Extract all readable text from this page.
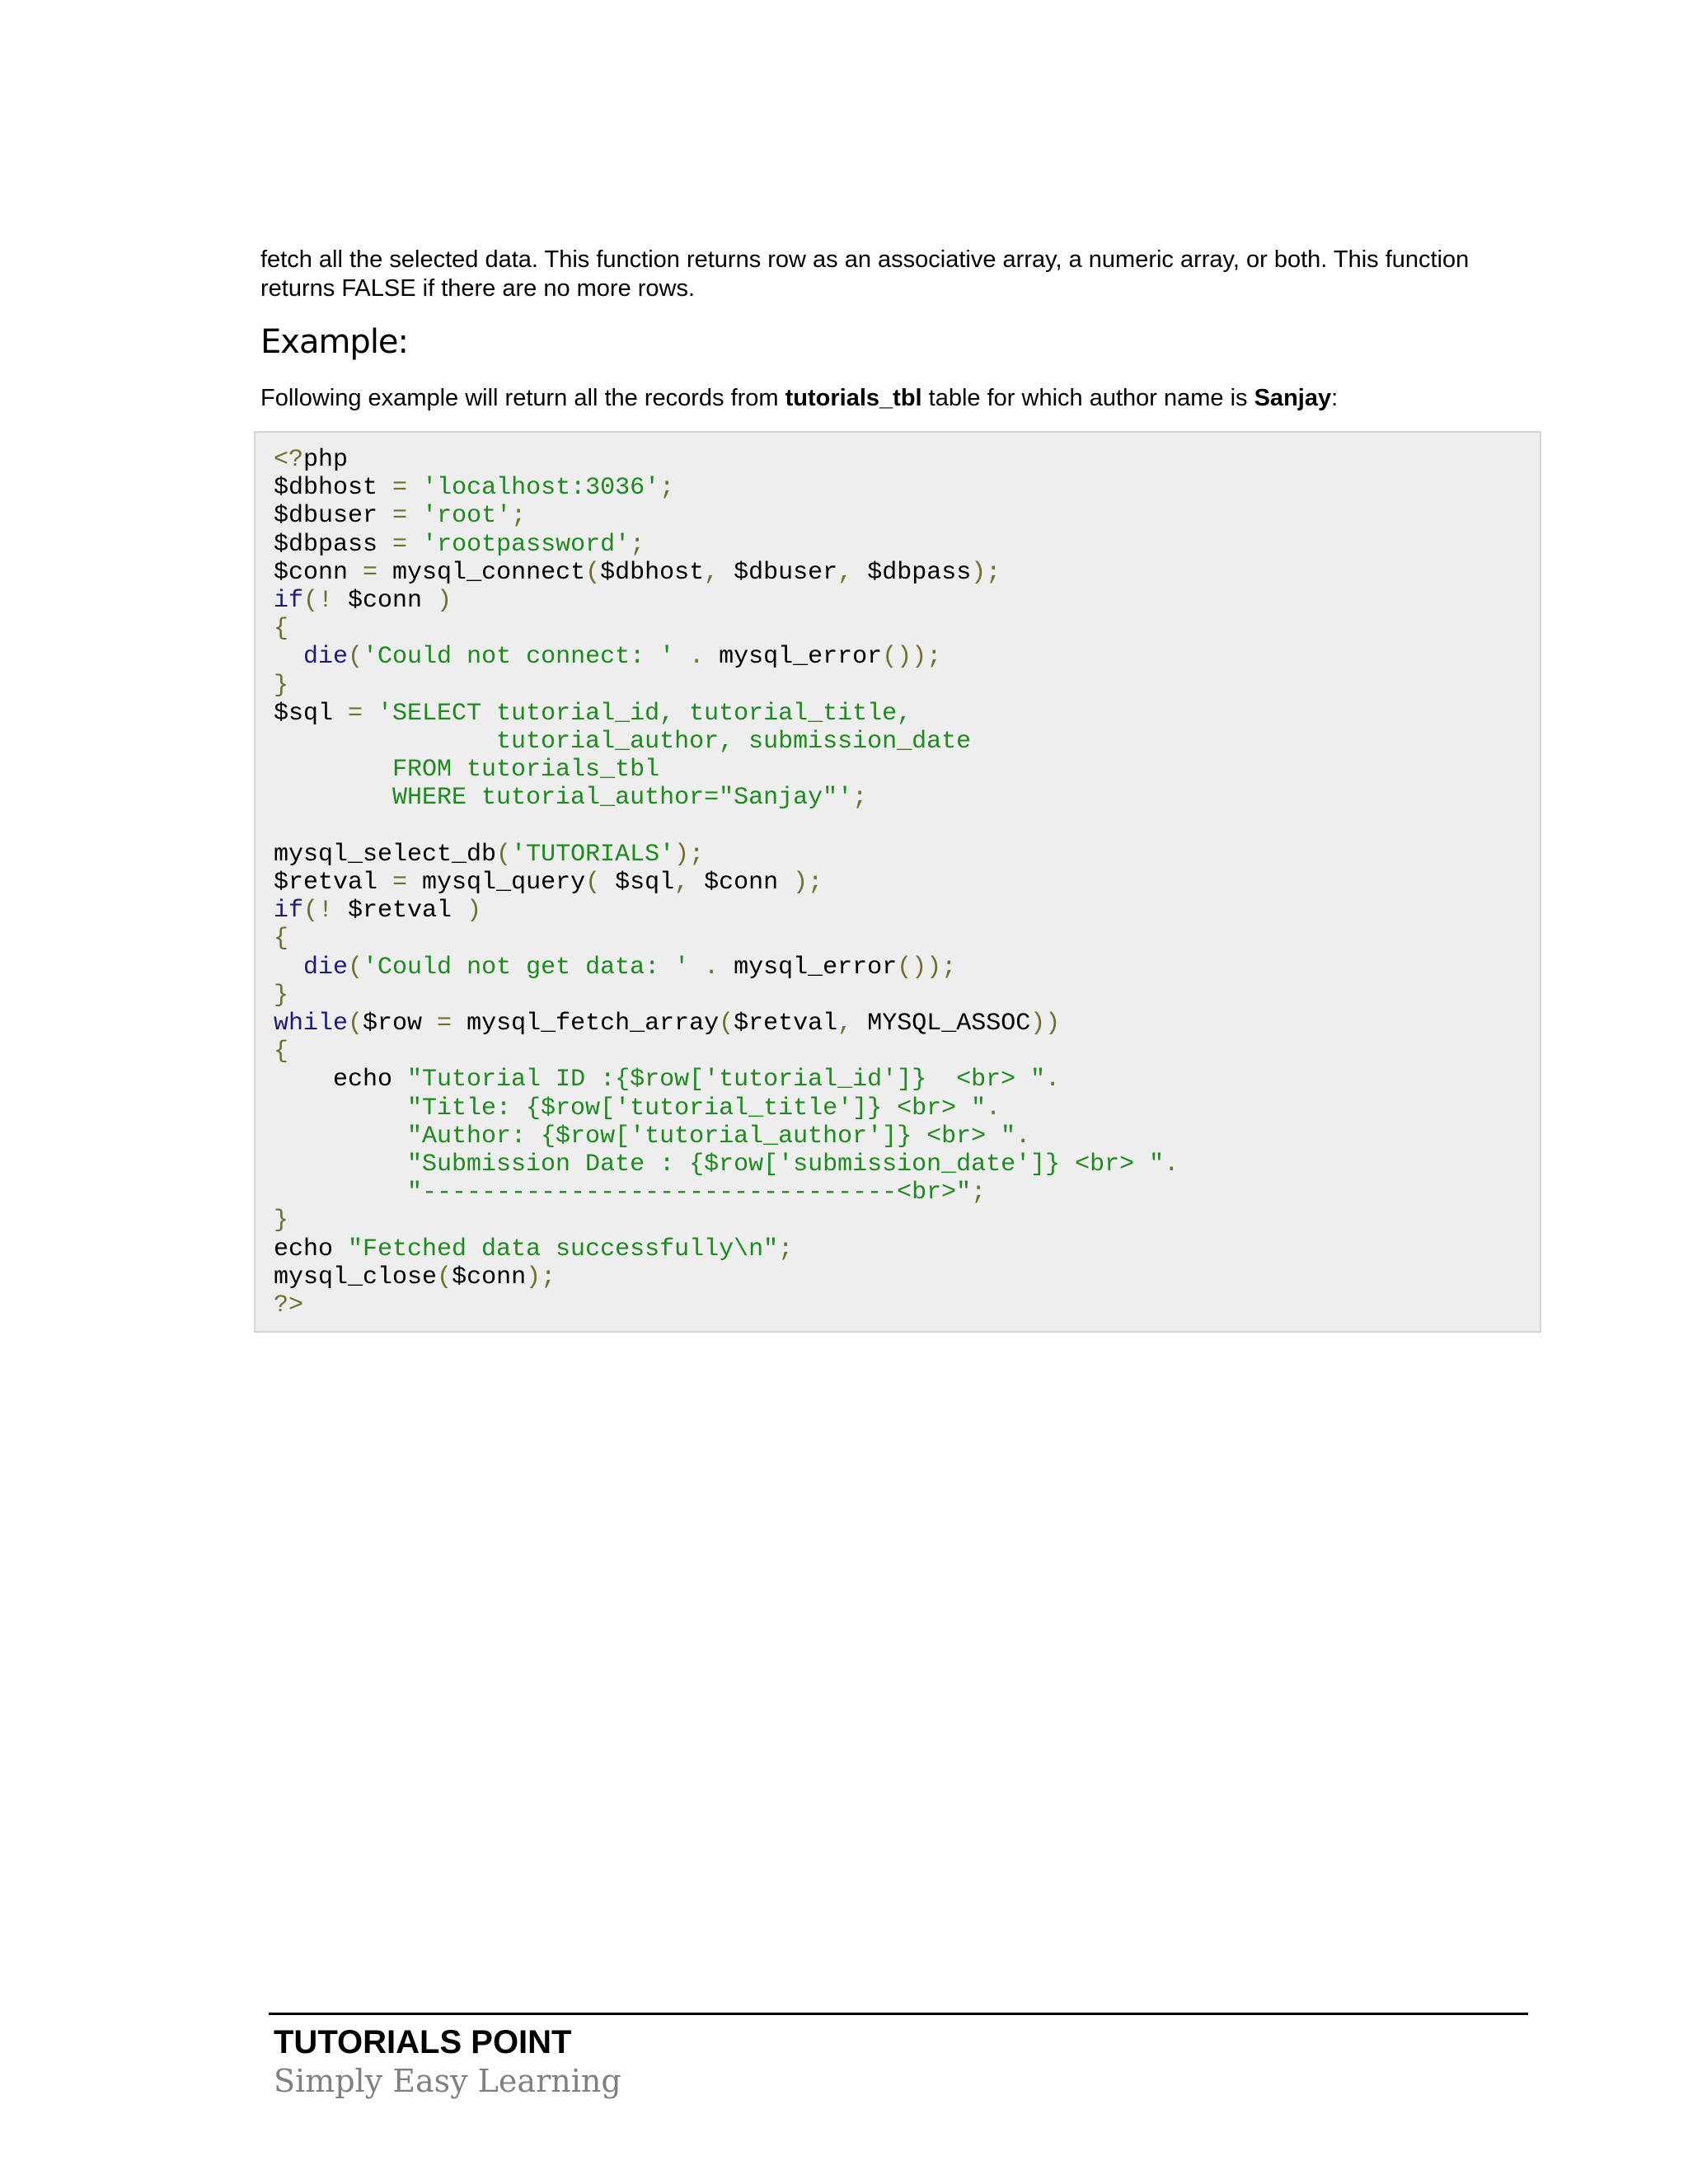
fetch all the selected data. This function returns row as an associative array, a numeric array, or both. This function returns FALSE if there are no more rows.

Example:

Following example will return all the records from tutorials_tbl table for which author name is Sanjay:

<?php
$dbhost = 'localhost:3036';
$dbuser = 'root';
$dbpass = 'rootpassword';
$conn = mysql_connect($dbhost, $dbuser, $dbpass);
if(! $conn )
{
die('Could not connect: ' . mysql_error());
}
$sql = 'SELECT tutorial_id, tutorial_title,
tutorial_author, submission_date
FROM tutorials_tbl
WHERE tutorial_author="Sanjay"';

mysql_select_db('TUTORIALS');
$retval = mysql_query( $sql, $conn );
if(! $retval )
{
die('Could not get data: ' . mysql_error());
}
while($row = mysql_fetch_array($retval, MYSQL_ASSOC))
{
echo "Tutorial ID :{$row['tutorial_id']}  <br> ".
"Title: {$row['tutorial_title']} <br> ".
"Author: {$row['tutorial_author']} <br> ".
"Submission Date : {$row['submission_date']} <br> ".
"--------------------------------<br>";
}
echo "Fetched data successfully\n";
mysql_close($conn);
?>

TUTORIALS POINT

Simply Easy Learning
